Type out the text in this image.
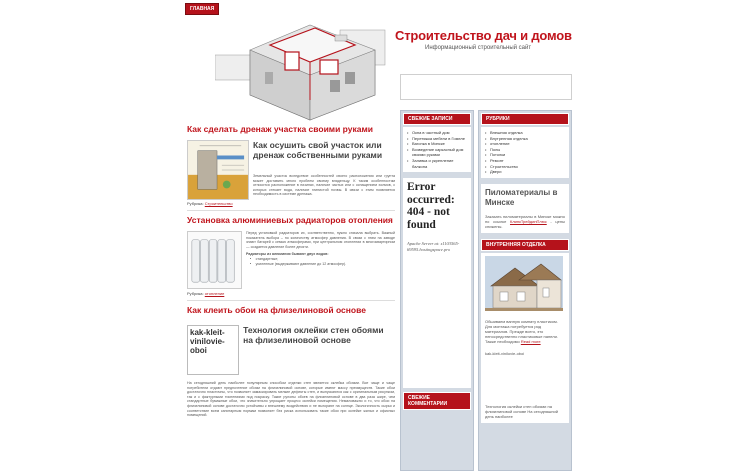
ГЛАВНАЯ
Строительство дач и домов
Информационный строительный сайт
Как сделать дренаж участка своими руками
Как осушить свой участок или дренаж собственными руками

Земельный участок вследствие особенностей своего расположения или грунта может доставить много проблем своему владельцу. К таким особенностям относится расположение в низинах, наличие частых или с оснащением холмов, с которых стекает вода, наличие глинистой почвы. В связи с этим появляется необходимость в системе дренажа.

Рубрика: Строительство
Установка алюминиевых радиаторов отопления

Перед установкой радиаторов их, соответственно, нужно сначала выбрать. Важный показатель выбора – по количеству атмосфер давления. В связи с этим на заводе знают батарей с семью атмосферами, при центральном отоплении в многоквартирном — создается давление более десяти.

Радиаторы из алюминия бывают двух видов:

• стандартные;
• усиленные (выдерживают давление до 12 атмосфер).
Рубрика: отопление
Как клеить обои на флизелиновой основе
kak-kleit-vinilovie-oboi
Технология оклейки стен обоями на флизелиновой основе

На сегодняшний день наиболее популярным способом отделки стен является оклейка обоями. Все чаще и чаще потребители отдают предпочтение обоям на флизелиновой основе, которые имеют массу преимуществ. Такие обои достаточно пластичны, что позволяет замаскировать мелкие дефекты стен, и выпускаются как с оригинальным рисунком, так и с фактурными тиснениями под покраску. Такие рулоны обоев на флизелиновой основе в два раза шире, чем стандартные бумажные обои, что значительно упрощает процесс оклейки помещения. Немаловажно и то, что обои на флизелиновой основе достаточно устойчивы к внешнему воздействию и не выгорают на солнце. Экологичность сырья и соответствие всем санитарным нормам позволяет без риска использовать такие обои при оклейке жилых и офисных помещений.

СВЕЖИЕ ЗАПИСИ
• Окна в частный дом
• Перетяжка мебели в Гомеле
• Вагонка в Минске
• Возведение каркасный дом своими руками
• Заливка и укрепление балкона
Error occurred: 404 - not found
Apache Server at: s1103565-69595.hostingspace.pro
СВЕЖИЕ КОММЕНТАРИИ
РУБРИКИ
• Внешняя отделка
• Внутренняя отделка
• отопление
• Полы
• Потолки
• Ремонт
• Строительство
• Двери
Пиломатериалы в Минске

Заказать пиломатериалы в Минске можно по ссылке КлинкТрейдинПлюс - цены снижены.

ВНУТРЕННЯЯ ОТДЕЛКА

Обшиваем ванную комнату пластиком. Для монтажа потребуется ряд материалов. Прежде всего, это непосредственно пластиковые панели. Также необходимо Read more

kak-kleit-vinilovie-oboi

Технология оклейки стен обоями на флизелиновой основе На сегодняшний день наиболее
